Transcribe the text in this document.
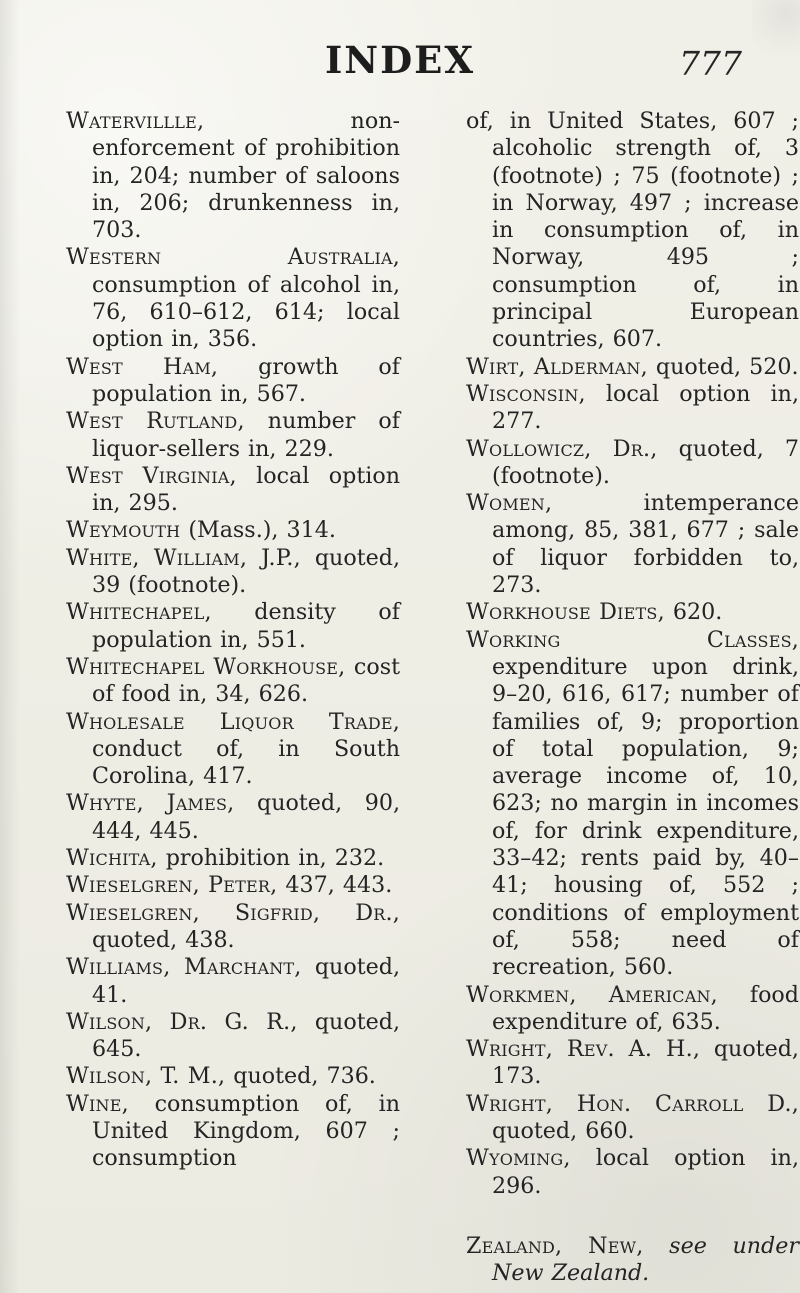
INDEX	777

Watervillle, non-enforcement of prohibition in, 204; number of saloons in, 206; drunkenness in, 703.

Western Australia, consumption of alcohol in, 76, 610–612, 614; local option in, 356.

West Ham, growth of population in, 567.

West Rutland, number of liquor-sellers in, 229.

West Virginia, local option in, 295.

Weymouth (Mass.), 314.

White, William, J.P., quoted, 39 (footnote).

Whitechapel, density of population in, 551.

Whitechapel Workhouse, cost of food in, 34, 626.

Wholesale Liquor Trade, conduct of, in South Corolina, 417.

Whyte, James, quoted, 90, 444, 445.

Wichita, prohibition in, 232.

Wieselgren, Peter, 437, 443.

Wieselgren, Sigfrid, Dr., quoted, 438.

Williams, Marchant, quoted, 41.

Wilson, Dr. G. R., quoted, 645.

Wilson, T. M., quoted, 736.

Wine, consumption of, in United Kingdom, 607 ; consumption

of, in United States, 607 ; alcoholic strength of, 3 (footnote) ; 75 (footnote) ; in Norway, 497 ; increase in consumption of, in Norway, 495 ; consumption of, in principal European countries, 607.

Wirt, Alderman, quoted, 520.

Wisconsin, local option in, 277.

Wollowicz, Dr., quoted, 7 (footnote).

Women, intemperance among, 85, 381, 677 ; sale of liquor forbidden to, 273.

Workhouse Diets, 620.

Working Classes, expenditure upon drink, 9–20, 616, 617; number of families of, 9; proportion of total population, 9; average income of, 10, 623; no margin in incomes of, for drink expenditure, 33–42; rents paid by, 40–41; housing of, 552 ; conditions of employment of, 558; need of recreation, 560.

Workmen, American, food expenditure of, 635.

Wright, Rev. A. H., quoted, 173.

Wright, Hon. Carroll D., quoted, 660.

Wyoming, local option in, 296.

Zealand, New, see under New Zealand.
